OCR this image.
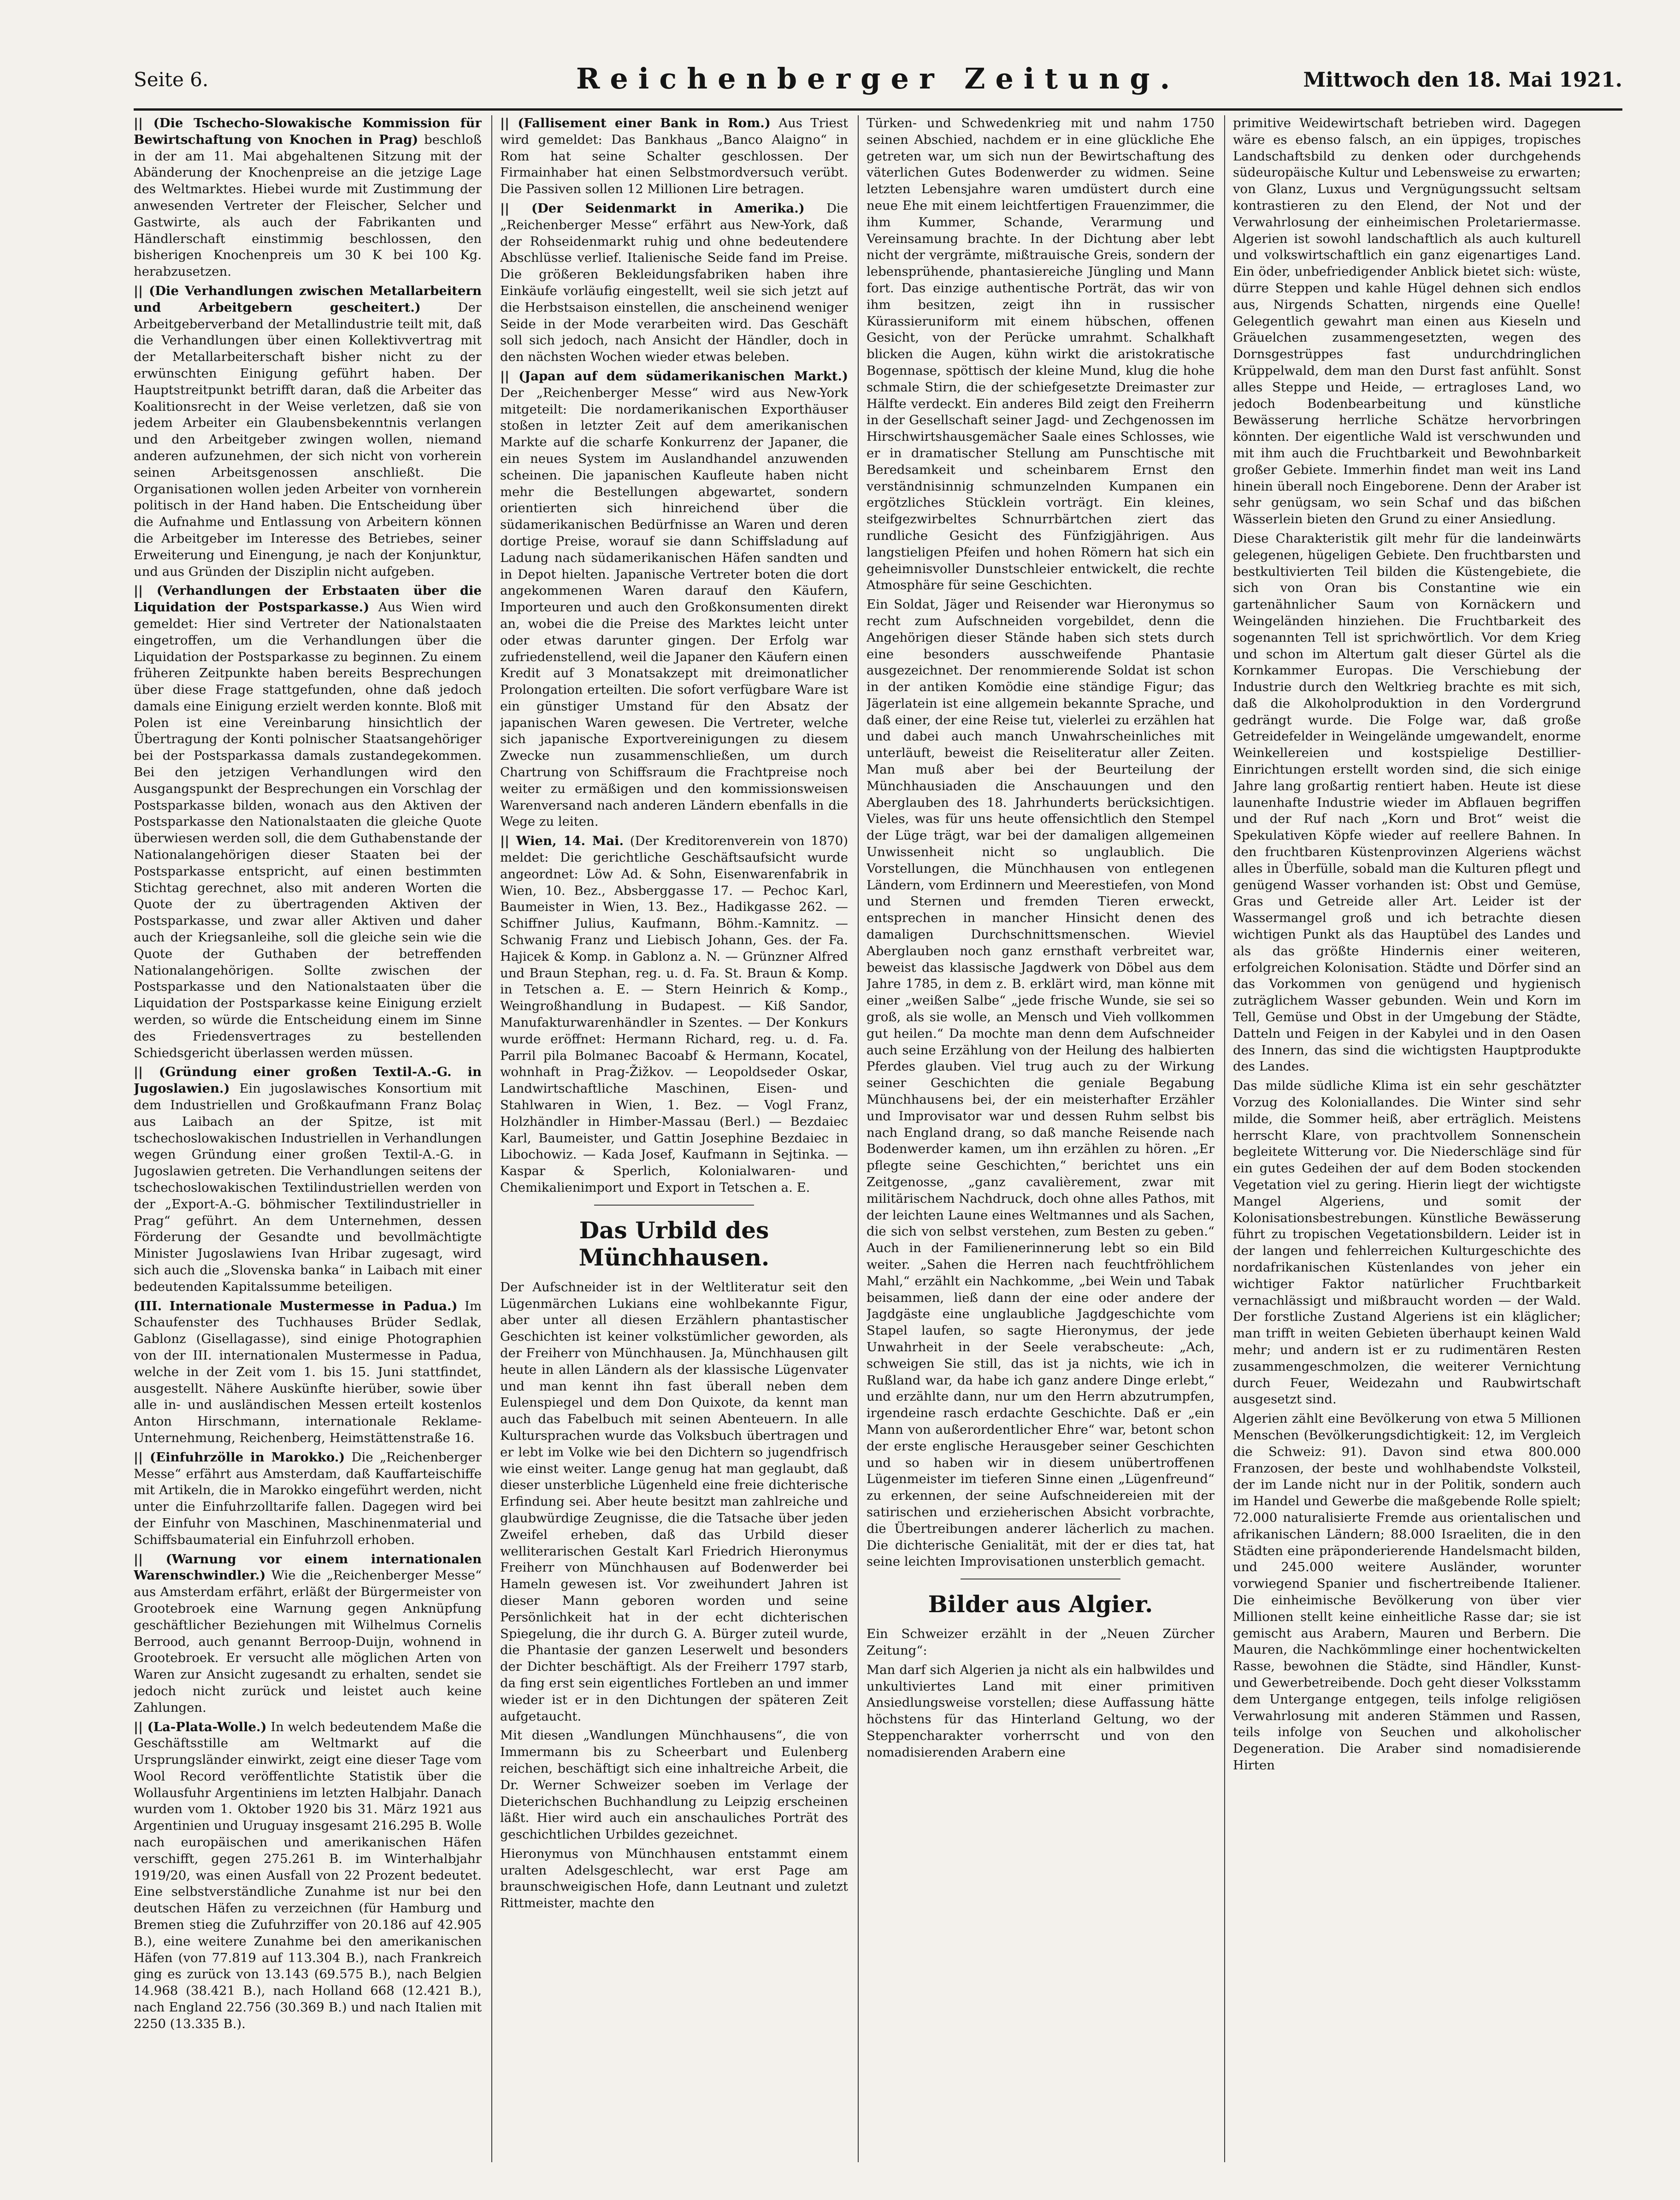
Seite 6.	Reichenberger Zeitung.	Mittwoch den 18. Mai 1921.

|| (Die Tschecho-Slowakische Kommission für Bewirtschaftung von Knochen in Prag) beschloß in der am 11. Mai abgehaltenen Sitzung mit der Abänderung der Knochenpreise an die jetzige Lage des Weltmarktes. Hiebei wurde mit Zustimmung der anwesenden Vertreter der Fleischer, Selcher und Gastwirte, als auch der Fabrikanten und Händlerschaft einstimmig beschlossen, den bisherigen Knochenpreis um 30 K bei 100 Kg. herabzusetzen.

|| (Die Verhandlungen zwischen Metallarbeitern und Arbeitgebern gescheitert.) Der Arbeitgeberverband der Metallindustrie teilt mit, daß die Verhandlungen über einen Kollektivvertrag mit der Metallarbeiterschaft bisher nicht zu der erwünschten Einigung geführt haben. Der Hauptstreitpunkt betrifft daran, daß die Arbeiter das Koalitionsrecht in der Weise verletzen, daß sie von jedem Arbeiter ein Glaubensbekenntnis verlangen und den Arbeitgeber zwingen wollen, niemand anderen aufzunehmen, der sich nicht von vorherein seinen Arbeitsgenossen anschließt. Die Organisationen wollen jeden Arbeiter von vornherein politisch in der Hand haben. Die Entscheidung über die Aufnahme und Entlassung von Arbeitern können die Arbeitgeber im Interesse des Betriebes, seiner Erweiterung und Einengung, je nach der Konjunktur, und aus Gründen der Disziplin nicht aufgeben.

|| (Verhandlungen der Erbstaaten über die Liquidation der Postsparkasse.) Aus Wien wird gemeldet: Hier sind Vertreter der Nationalstaaten eingetroffen, um die Verhandlungen über die Liquidation der Postsparkasse zu beginnen. Zu einem früheren Zeitpunkte haben bereits Besprechungen über diese Frage stattgefunden, ohne daß jedoch damals eine Einigung erzielt werden konnte. Bloß mit Polen ist eine Vereinbarung hinsichtlich der Übertragung der Konti polnischer Staatsangehöriger bei der Postsparkassa damals zustandegekommen. Bei den jetzigen Verhandlungen wird den Ausgangspunkt der Besprechungen ein Vorschlag der Postsparkasse bilden, wonach aus den Aktiven der Postsparkasse den Nationalstaaten die gleiche Quote überwiesen werden soll, die dem Guthabenstande der Nationalangehörigen dieser Staaten bei der Postsparkasse entspricht, auf einen bestimmten Stichtag gerechnet, also mit anderen Worten die Quote der zu übertragenden Aktiven der Postsparkasse, und zwar aller Aktiven und daher auch der Kriegsanleihe, soll die gleiche sein wie die Quote der Guthaben der betreffenden Nationalangehörigen. Sollte zwischen der Postsparkasse und den Nationalstaaten über die Liquidation der Postsparkasse keine Einigung erzielt werden, so würde die Entscheidung einem im Sinne des Friedensvertrages zu bestellenden Schiedsgericht überlassen werden müssen.

|| (Gründung einer großen Textil-A.-G. in Jugoslawien.) Ein jugoslawisches Konsortium mit dem Industriellen und Großkaufmann Franz Bolaç aus Laibach an der Spitze, ist mit tschechoslowakischen Industriellen in Verhandlungen wegen Gründung einer großen Textil-A.-G. in Jugoslawien getreten. Die Verhandlungen seitens der tschechoslowakischen Textilindustriellen werden von der „Export-A.-G. böhmischer Textilindustrieller in Prag“ geführt. An dem Unternehmen, dessen Förderung der Gesandte und bevollmächtigte Minister Jugoslawiens Ivan Hribar zugesagt, wird sich auch die „Slovenska banka“ in Laibach mit einer bedeutenden Kapitalssumme beteiligen.

(III. Internationale Mustermesse in Padua.) Im Schaufenster des Tuchhauses Brüder Sedlak, Gablonz (Gisellagasse), sind einige Photographien von der III. internationalen Mustermesse in Padua, welche in der Zeit vom 1. bis 15. Juni stattfindet, ausgestellt. Nähere Auskünfte hierüber, sowie über alle in- und ausländischen Messen erteilt kostenlos Anton Hirschmann, internationale Reklame-Unternehmung, Reichenberg, Heimstättenstraße 16.

|| (Einfuhrzölle in Marokko.) Die „Reichenberger Messe“ erfährt aus Amsterdam, daß Kauffarteischiffe mit Artikeln, die in Marokko eingeführt werden, nicht unter die Einfuhrzolltarife fallen. Dagegen wird bei der Einfuhr von Maschinen, Maschinenmaterial und Schiffsbaumaterial ein Einfuhrzoll erhoben.

|| (Warnung vor einem internationalen Warenschwindler.) Wie die „Reichenberger Messe“ aus Amsterdam erfährt, erläßt der Bürgermeister von Grootebroek eine Warnung gegen Anknüpfung geschäftlicher Beziehungen mit Wilhelmus Cornelis Berrood, auch genannt Berroop-Duijn, wohnend in Grootebroek. Er versucht alle möglichen Arten von Waren zur Ansicht zugesandt zu erhalten, sendet sie jedoch nicht zurück und leistet auch keine Zahlungen.

|| (La-Plata-Wolle.) In welch bedeutendem Maße die Geschäftsstille am Weltmarkt auf die Ursprungsländer einwirkt, zeigt eine dieser Tage vom Wool Record veröffentlichte Statistik über die Wollausfuhr Argentiniens im letzten Halbjahr. Danach wurden vom 1. Oktober 1920 bis 31. März 1921 aus Argentinien und Uruguay insgesamt 216.295 B. Wolle nach europäischen und amerikanischen Häfen verschifft, gegen 275.261 B. im Winterhalbjahr 1919/20, was einen Ausfall von 22 Prozent bedeutet. Eine selbstverständliche Zunahme ist nur bei den deutschen Häfen zu verzeichnen (für Hamburg und Bremen stieg die Zufuhrziffer von 20.186 auf 42.905 B.), eine weitere Zunahme bei den amerikanischen Häfen (von 77.819 auf 113.304 B.), nach Frankreich ging es zurück von 13.143 (69.575 B.), nach Belgien 14.968 (38.421 B.), nach Holland 668 (12.421 B.), nach England 22.756 (30.369 B.) und nach Italien mit 2250 (13.335 B.).

|| (Fallisement einer Bank in Rom.) Aus Triest wird gemeldet: Das Bankhaus „Banco Alaigno“ in Rom hat seine Schalter geschlossen. Der Firmainhaber hat einen Selbstmordversuch verübt. Die Passiven sollen 12 Millionen Lire betragen.

|| (Der Seidenmarkt in Amerika.) Die „Reichenberger Messe“ erfährt aus New-York, daß der Rohseidenmarkt ruhig und ohne bedeutendere Abschlüsse verlief. Italienische Seide fand im Preise. Die größeren Bekleidungsfabriken haben ihre Einkäufe vorläufig eingestellt, weil sie sich jetzt auf die Herbstsaison einstellen, die anscheinend weniger Seide in der Mode verarbeiten wird. Das Geschäft soll sich jedoch, nach Ansicht der Händler, doch in den nächsten Wochen wieder etwas beleben.

|| (Japan auf dem südamerikanischen Markt.) Der „Reichenberger Messe“ wird aus New-York mitgeteilt: Die nordamerikanischen Exporthäuser stoßen in letzter Zeit auf dem amerikanischen Markte auf die scharfe Konkurrenz der Japaner, die ein neues System im Auslandhandel anzuwenden scheinen. Die japanischen Kaufleute haben nicht mehr die Bestellungen abgewartet, sondern orientierten sich hinreichend über die südamerikanischen Bedürfnisse an Waren und deren dortige Preise, worauf sie dann Schiffsladung auf Ladung nach südamerikanischen Häfen sandten und in Depot hielten. Japanische Vertreter boten die dort angekommenen Waren darauf den Käufern, Importeuren und auch den Großkonsumenten direkt an, wobei die die Preise des Marktes leicht unter oder etwas darunter gingen. Der Erfolg war zufriedenstellend, weil die Japaner den Käufern einen Kredit auf 3 Monatsakzept mit dreimonatlicher Prolongation erteilten. Die sofort verfügbare Ware ist ein günstiger Umstand für den Absatz der japanischen Waren gewesen. Die Vertreter, welche sich japanische Exportvereinigungen zu diesem Zwecke nun zusammenschließen, um durch Chartrung von Schiffsraum die Frachtpreise noch weiter zu ermäßigen und den kommissionsweisen Warenversand nach anderen Ländern ebenfalls in die Wege zu leiten.

|| Wien, 14. Mai. (Der Kreditorenverein von 1870) meldet: Die gerichtliche Geschäftsaufsicht wurde angeordnet: Löw Ad. & Sohn, Eisenwarenfabrik in Wien, 10. Bez., Absberggasse 17. — Pechoc Karl, Baumeister in Wien, 13. Bez., Hadikgasse 262. — Schiffner Julius, Kaufmann, Böhm.-Kamnitz. — Schwanig Franz und Liebisch Johann, Ges. der Fa. Hajicek & Komp. in Gablonz a. N. — Grünzner Alfred und Braun Stephan, reg. u. d. Fa. St. Braun & Komp. in Tetschen a. E. — Stern Heinrich & Komp., Weingroßhandlung in Budapest. — Kiß Sandor, Manufakturwarenhändler in Szentes. — Der Konkurs wurde eröffnet: Hermann Richard, reg. u. d. Fa. Parril pila Bolmanec Bacoabf & Hermann, Kocatel, wohnhaft in Prag-Žižkov. — Leopoldseder Oskar, Landwirtschaftliche Maschinen, Eisen- und Stahlwaren in Wien, 1. Bez. — Vogl Franz, Holzhändler in Himber-Massau (Berl.) — Bezdaiec Karl, Baumeister, und Gattin Josephine Bezdaiec in Libochowiz. — Kada Josef, Kaufmann in Sejtinka. — Kaspar & Sperlich, Kolonialwaren- und Chemikalienimport und Export in Tetschen a. E.

Das Urbild des Münchhausen.

Der Aufschneider ist in der Weltliteratur seit den Lügenmärchen Lukians eine wohlbekannte Figur, aber unter all diesen Erzählern phantastischer Geschichten ist keiner volkstümlicher geworden, als der Freiherr von Münchhausen. Ja, Münchhausen gilt heute in allen Ländern als der klassische Lügenvater und man kennt ihn fast überall neben dem Eulenspiegel und dem Don Quixote, da kennt man auch das Fabelbuch mit seinen Abenteuern. In alle Kultursprachen wurde das Volksbuch übertragen und er lebt im Volke wie bei den Dichtern so jugendfrisch wie einst weiter. Lange genug hat man geglaubt, daß dieser unsterbliche Lügenheld eine freie dichterische Erfindung sei. Aber heute besitzt man zahlreiche und glaubwürdige Zeugnisse, die die Tatsache über jeden Zweifel erheben, daß das Urbild dieser welliterarischen Gestalt Karl Friedrich Hieronymus Freiherr von Münchhausen auf Bodenwerder bei Hameln gewesen ist. Vor zweihundert Jahren ist dieser Mann geboren worden und seine Persönlichkeit hat in der echt dichterischen Spiegelung, die ihr durch G. A. Bürger zuteil wurde, die Phantasie der ganzen Leserwelt und besonders der Dichter beschäftigt. Als der Freiherr 1797 starb, da fing erst sein eigentliches Fortleben an und immer wieder ist er in den Dichtungen der späteren Zeit aufgetaucht.

Mit diesen „Wandlungen Münchhausens“, die von Immermann bis zu Scheerbart und Eulenberg reichen, beschäftigt sich eine inhaltreiche Arbeit, die Dr. Werner Schweizer soeben im Verlage der Dieterichschen Buchhandlung zu Leipzig erscheinen läßt. Hier wird auch ein anschauliches Porträt des geschichtlichen Urbildes gezeichnet.

Hieronymus von Münchhausen entstammt einem uralten Adelsgeschlecht, war erst Page am braunschweigischen Hofe, dann Leutnant und zuletzt Rittmeister, machte den

Türken- und Schwedenkrieg mit und nahm 1750 seinen Abschied, nachdem er in eine glückliche Ehe getreten war, um sich nun der Bewirtschaftung des väterlichen Gutes Bodenwerder zu widmen. Seine letzten Lebensjahre waren umdüstert durch eine neue Ehe mit einem leichtfertigen Frauenzimmer, die ihm Kummer, Schande, Verarmung und Vereinsamung brachte. In der Dichtung aber lebt nicht der vergrämte, mißtrauische Greis, sondern der lebensprühende, phantasiereiche Jüngling und Mann fort. Das einzige authentische Porträt, das wir von ihm besitzen, zeigt ihn in russischer Kürassieruniform mit einem hübschen, offenen Gesicht, von der Perücke umrahmt. Schalkhaft blicken die Augen, kühn wirkt die aristokratische Bogennase, spöttisch der kleine Mund, klug die hohe schmale Stirn, die der schiefgesetzte Dreimaster zur Hälfte verdeckt. Ein anderes Bild zeigt den Freiherrn in der Gesellschaft seiner Jagd- und Zechgenossen im Hirschwirtshausgemächer Saale eines Schlosses, wie er in dramatischer Stellung am Punschtische mit Beredsamkeit und scheinbarem Ernst den verständnisinnig schmunzelnden Kumpanen ein ergötzliches Stücklein vorträgt. Ein kleines, steifgezwirbeltes Schnurrbärtchen ziert das rundliche Gesicht des Fünfzigjährigen. Aus langstieligen Pfeifen und hohen Römern hat sich ein geheimnisvoller Dunstschleier entwickelt, die rechte Atmosphäre für seine Geschichten.

Ein Soldat, Jäger und Reisender war Hieronymus so recht zum Aufschneiden vorgebildet, denn die Angehörigen dieser Stände haben sich stets durch eine besonders ausschweifende Phantasie ausgezeichnet. Der renommierende Soldat ist schon in der antiken Komödie eine ständige Figur; das Jägerlatein ist eine allgemein bekannte Sprache, und daß einer, der eine Reise tut, vielerlei zu erzählen hat und dabei auch manch Unwahrscheinliches mit unterläuft, beweist die Reiseliteratur aller Zeiten. Man muß aber bei der Beurteilung der Münchhausiaden die Anschauungen und den Aberglauben des 18. Jahrhunderts berücksichtigen. Vieles, was für uns heute offensichtlich den Stempel der Lüge trägt, war bei der damaligen allgemeinen Unwissenheit nicht so unglaublich. Die Vorstellungen, die Münchhausen von entlegenen Ländern, vom Erdinnern und Meerestiefen, von Mond und Sternen und fremden Tieren erweckt, entsprechen in mancher Hinsicht denen des damaligen Durchschnittsmenschen. Wieviel Aberglauben noch ganz ernsthaft verbreitet war, beweist das klassische Jagdwerk von Döbel aus dem Jahre 1785, in dem z. B. erklärt wird, man könne mit einer „weißen Salbe“ „jede frische Wunde, sie sei so groß, als sie wolle, an Mensch und Vieh vollkommen gut heilen.“ Da mochte man denn dem Aufschneider auch seine Erzählung von der Heilung des halbierten Pferdes glauben. Viel trug auch zu der Wirkung seiner Geschichten die geniale Begabung Münchhausens bei, der ein meisterhafter Erzähler und Improvisator war und dessen Ruhm selbst bis nach England drang, so daß manche Reisende nach Bodenwerder kamen, um ihn erzählen zu hören. „Er pflegte seine Geschichten,“ berichtet uns ein Zeitgenosse, „ganz cavalièrement, zwar mit militärischem Nachdruck, doch ohne alles Pathos, mit der leichten Laune eines Weltmannes und als Sachen, die sich von selbst verstehen, zum Besten zu geben.“ Auch in der Familienerinnerung lebt so ein Bild weiter. „Sahen die Herren nach feuchtfröhlichem Mahl,“ erzählt ein Nachkomme, „bei Wein und Tabak beisammen, ließ dann der eine oder andere der Jagdgäste eine unglaubliche Jagdgeschichte vom Stapel laufen, so sagte Hieronymus, der jede Unwahrheit in der Seele verabscheute: „Ach, schweigen Sie still, das ist ja nichts, wie ich in Rußland war, da habe ich ganz andere Dinge erlebt,“ und erzählte dann, nur um den Herrn abzutrumpfen, irgendeine rasch erdachte Geschichte. Daß er „ein Mann von außerordentlicher Ehre“ war, betont schon der erste englische Herausgeber seiner Geschichten und so haben wir in diesem unübertroffenen Lügenmeister im tieferen Sinne einen „Lügenfreund“ zu erkennen, der seine Aufschneidereien mit der satirischen und erzieherischen Absicht vorbrachte, die Übertreibungen anderer lächerlich zu machen. Die dichterische Genialität, mit der er dies tat, hat seine leichten Improvisationen unsterblich gemacht.

Bilder aus Algier.

Ein Schweizer erzählt in der „Neuen Zürcher Zeitung“:

Man darf sich Algerien ja nicht als ein halbwildes und unkultiviertes Land mit einer primitiven Ansiedlungsweise vorstellen; diese Auffassung hätte höchstens für das Hinterland Geltung, wo der Steppencharakter vorherrscht und von den nomadisierenden Arabern eine

primitive Weidewirtschaft betrieben wird. Dagegen wäre es ebenso falsch, an ein üppiges, tropisches Landschaftsbild zu denken oder durchgehends südeuropäische Kultur und Lebensweise zu erwarten; von Glanz, Luxus und Vergnügungssucht seltsam kontrastieren zu den Elend, der Not und der Verwahrlosung der einheimischen Proletariermasse. Algerien ist sowohl landschaftlich als auch kulturell und volkswirtschaftlich ein ganz eigenartiges Land. Ein öder, unbefriedigender Anblick bietet sich: wüste, dürre Steppen und kahle Hügel dehnen sich endlos aus, Nirgends Schatten, nirgends eine Quelle! Gelegentlich gewahrt man einen aus Kieseln und Gräuelchen zusammengesetzten, wegen des Dornsgestrüppes fast undurchdringlichen Krüppelwald, dem man den Durst fast anfühlt. Sonst alles Steppe und Heide, — ertragloses Land, wo jedoch Bodenbearbeitung und künstliche Bewässerung herrliche Schätze hervorbringen könnten. Der eigentliche Wald ist verschwunden und mit ihm auch die Fruchtbarkeit und Bewohnbarkeit großer Gebiete. Immerhin findet man weit ins Land hinein überall noch Eingeborene. Denn der Araber ist sehr genügsam, wo sein Schaf und das bißchen Wässerlein bieten den Grund zu einer Ansiedlung.

Diese Charakteristik gilt mehr für die landeinwärts gelegenen, hügeligen Gebiete. Den fruchtbarsten und bestkultivierten Teil bilden die Küstengebiete, die sich von Oran bis Constantine wie ein gartenähnlicher Saum von Kornäckern und Weingeländen hinziehen. Die Fruchtbarkeit des sogenannten Tell ist sprichwörtlich. Vor dem Krieg und schon im Altertum galt dieser Gürtel als die Kornkammer Europas. Die Verschiebung der Industrie durch den Weltkrieg brachte es mit sich, daß die Alkoholproduktion in den Vordergrund gedrängt wurde. Die Folge war, daß große Getreidefelder in Weingelände umgewandelt, enorme Weinkellereien und kostspielige Destillier-Einrichtungen erstellt worden sind, die sich einige Jahre lang großartig rentiert haben. Heute ist diese launenhafte Industrie wieder im Abflauen begriffen und der Ruf nach „Korn und Brot“ weist die Spekulativen Köpfe wieder auf reellere Bahnen. In den fruchtbaren Küstenprovinzen Algeriens wächst alles in Überfülle, sobald man die Kulturen pflegt und genügend Wasser vorhanden ist: Obst und Gemüse, Gras und Getreide aller Art. Leider ist der Wassermangel groß und ich betrachte diesen wichtigen Punkt als das Hauptübel des Landes und als das größte Hindernis einer weiteren, erfolgreichen Kolonisation. Städte und Dörfer sind an das Vorkommen von genügend und hygienisch zuträglichem Wasser gebunden. Wein und Korn im Tell, Gemüse und Obst in der Umgebung der Städte, Datteln und Feigen in der Kabylei und in den Oasen des Innern, das sind die wichtigsten Hauptprodukte des Landes.

Das milde südliche Klima ist ein sehr geschätzter Vorzug des Koloniallandes. Die Winter sind sehr milde, die Sommer heiß, aber erträglich. Meistens herrscht Klare, von prachtvollem Sonnenschein begleitete Witterung vor. Die Niederschläge sind für ein gutes Gedeihen der auf dem Boden stockenden Vegetation viel zu gering. Hierin liegt der wichtigste Mangel Algeriens, und somit der Kolonisationsbestrebungen. Künstliche Bewässerung führt zu tropischen Vegetationsbildern. Leider ist in der langen und fehlerreichen Kulturgeschichte des nordafrikanischen Küstenlandes von jeher ein wichtiger Faktor natürlicher Fruchtbarkeit vernachlässigt und mißbraucht worden — der Wald. Der forstliche Zustand Algeriens ist ein kläglicher; man trifft in weiten Gebieten überhaupt keinen Wald mehr; und andern ist er zu rudimentären Resten zusammengeschmolzen, die weiterer Vernichtung durch Feuer, Weidezahn und Raubwirtschaft ausgesetzt sind.

Algerien zählt eine Bevölkerung von etwa 5 Millionen Menschen (Bevölkerungsdichtigkeit: 12, im Vergleich die Schweiz: 91). Davon sind etwa 800.000 Franzosen, der beste und wohlhabendste Volksteil, der im Lande nicht nur in der Politik, sondern auch im Handel und Gewerbe die maßgebende Rolle spielt; 72.000 naturalisierte Fremde aus orientalischen und afrikanischen Ländern; 88.000 Israeliten, die in den Städten eine präponderierende Handelsmacht bilden, und 245.000 weitere Ausländer, worunter vorwiegend Spanier und fischertreibende Italiener. Die einheimische Bevölkerung von über vier Millionen stellt keine einheitliche Rasse dar; sie ist gemischt aus Arabern, Mauren und Berbern. Die Mauren, die Nachkömmlinge einer hochentwickelten Rasse, bewohnen die Städte, sind Händler, Kunst- und Gewerbetreibende. Doch geht dieser Volksstamm dem Untergange entgegen, teils infolge religiösen Verwahrlosung mit anderen Stämmen und Rassen, teils infolge von Seuchen und alkoholischer Degeneration. Die Araber sind nomadisierende Hirten
